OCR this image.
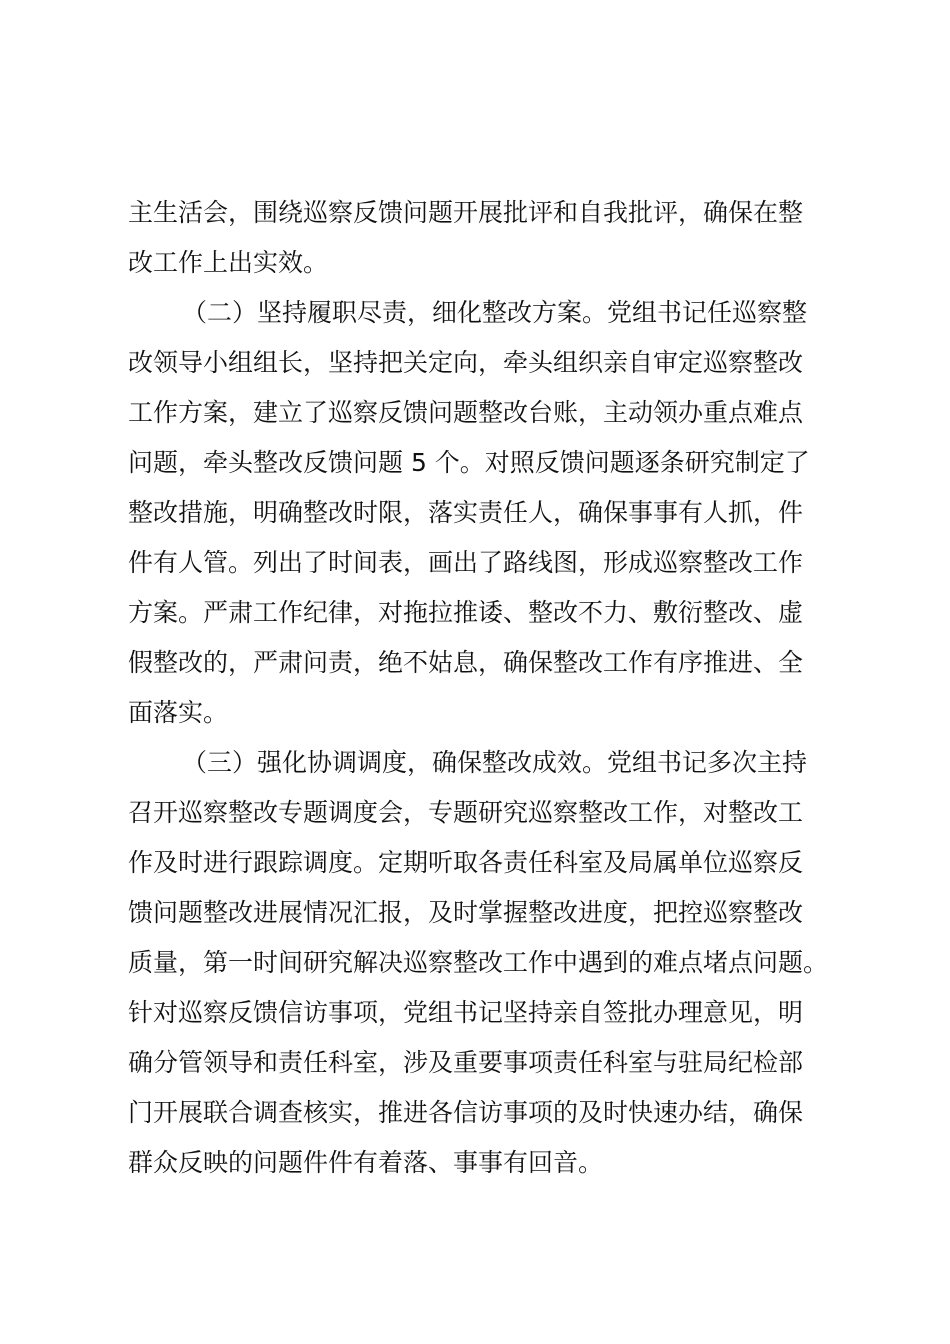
主生活会，围绕巡察反馈问题开展批评和自我批评，确保在整
改工作上出实效。
（二）坚持履职尽责，细化整改方案。党组书记任巡察整
改领导小组组长，坚持把关定向，牵头组织亲自审定巡察整改
工作方案，建立了巡察反馈问题整改台账，主动领办重点难点
问题，牵头整改反馈问题 5 个。对照反馈问题逐条研究制定了
整改措施，明确整改时限，落实责任人，确保事事有人抓，件
件有人管。列出了时间表，画出了路线图，形成巡察整改工作
方案。严肃工作纪律，对拖拉推诿、整改不力、敷衍整改、虚
假整改的，严肃问责，绝不姑息，确保整改工作有序推进、全
面落实。
（三）强化协调调度，确保整改成效。党组书记多次主持
召开巡察整改专题调度会，专题研究巡察整改工作，对整改工
作及时进行跟踪调度。定期听取各责任科室及局属单位巡察反
馈问题整改进展情况汇报，及时掌握整改进度，把控巡察整改
质量，第一时间研究解决巡察整改工作中遇到的难点堵点问题。
针对巡察反馈信访事项，党组书记坚持亲自签批办理意见，明
确分管领导和责任科室，涉及重要事项责任科室与驻局纪检部
门开展联合调查核实，推进各信访事项的及时快速办结，确保
群众反映的问题件件有着落、事事有回音。
